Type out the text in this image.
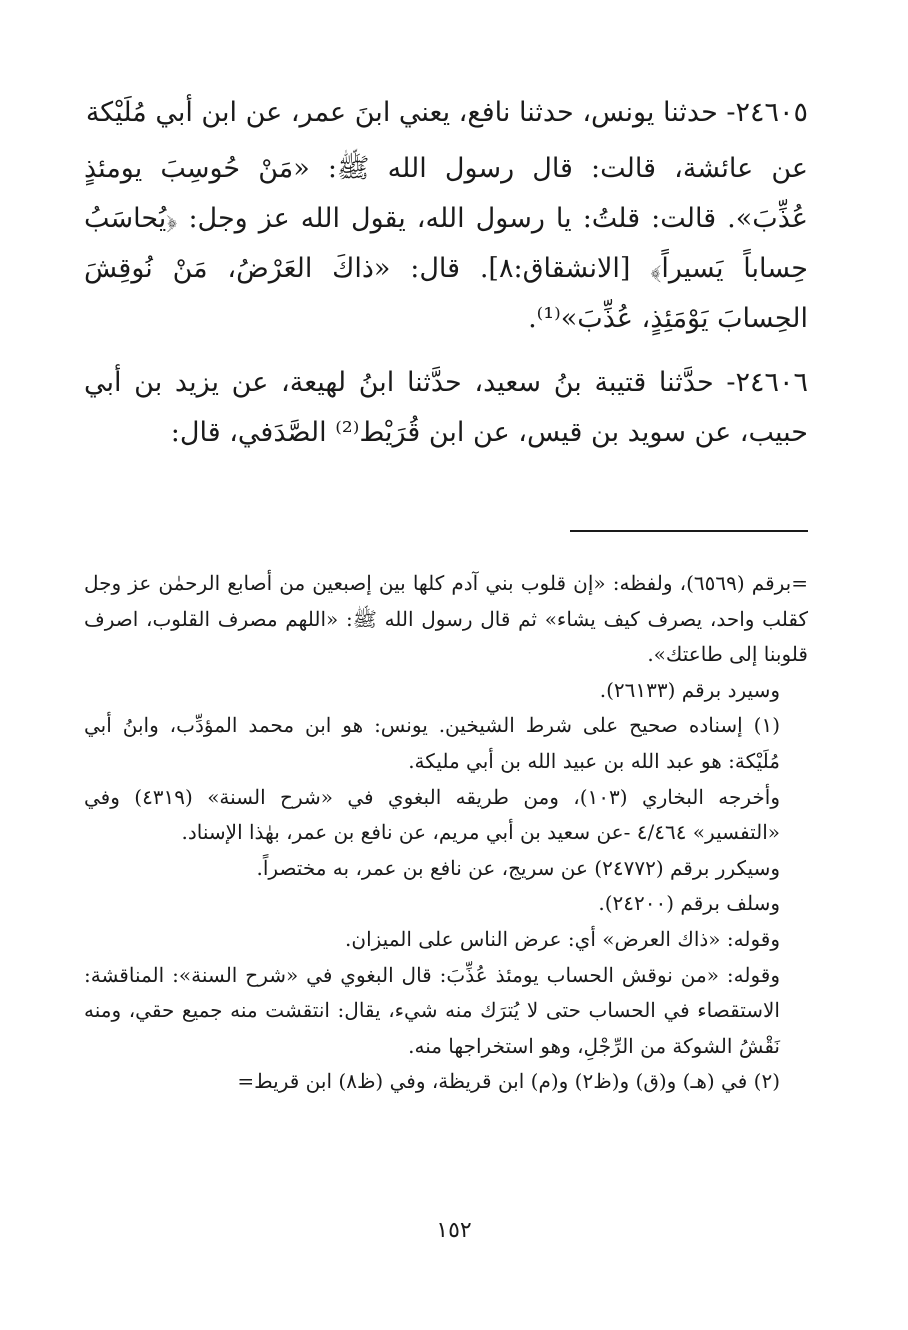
٢٤٦٠٥- حدثنا يونس، حدثنا نافع، يعني ابنَ عمر، عن ابن أبي مُلَيْكة

عن عائشة، قالت: قال رسول الله ﷺ: «مَنْ حُوسِبَ يومئذٍ عُذِّبَ». قالت: قلتُ: يا رسول الله، يقول الله عز وجل: ﴿يُحاسَبُ حِساباً يَسيراً﴾ [الانشقاق:٨]. قال: «ذاكَ العَرْضُ، مَنْ نُوقِشَ الحِسابَ يَوْمَئِذٍ، عُذِّبَ»⁽¹⁾.

٢٤٦٠٦- حدَّثنا قتيبة بنُ سعيد، حدَّثنا ابنُ لهيعة، عن يزيد بن أبي حبيب، عن سويد بن قيس، عن ابن قُرَيْط⁽²⁾ الصَّدَفي، قال:

=برقم (٦٥٦٩)، ولفظه: «إن قلوب بني آدم كلها بين إصبعين من أصابع الرحمٰن عز وجل كقلب واحد، يصرف كيف يشاء» ثم قال رسول الله ﷺ: «اللهم مصرف القلوب، اصرف قلوبنا إلى طاعتك».

وسيرد برقم (٢٦١٣٣).

(١) إسناده صحيح على شرط الشيخين. يونس: هو ابن محمد المؤدِّب، وابنُ أبي مُلَيْكة: هو عبد الله بن عبيد الله بن أبي مليكة.

وأخرجه البخاري (١٠٣)، ومن طريقه البغوي في «شرح السنة» (٤٣١٩) وفي «التفسير» ٤/٤٦٤ -عن سعيد بن أبي مريم، عن نافع بن عمر، بهٰذا الإسناد.

وسيكرر برقم (٢٤٧٧٢) عن سريج، عن نافع بن عمر، به مختصراً.

وسلف برقم (٢٤٢٠٠).

وقوله: «ذاك العرض» أي: عرض الناس على الميزان.

وقوله: «من نوقش الحساب يومئذ عُذِّبَ: قال البغوي في «شرح السنة»: المناقشة: الاستقصاء في الحساب حتى لا يُترَك منه شيء، يقال: انتقشت منه جميع حقي، ومنه نَقْشُ الشوكة من الرِّجْلِ، وهو استخراجها منه.

(٢) في (هـ) و(ق) و(ظ٢) و(م) ابن قريظة، وفي (ظ٨) ابن قريط=

١٥٢
